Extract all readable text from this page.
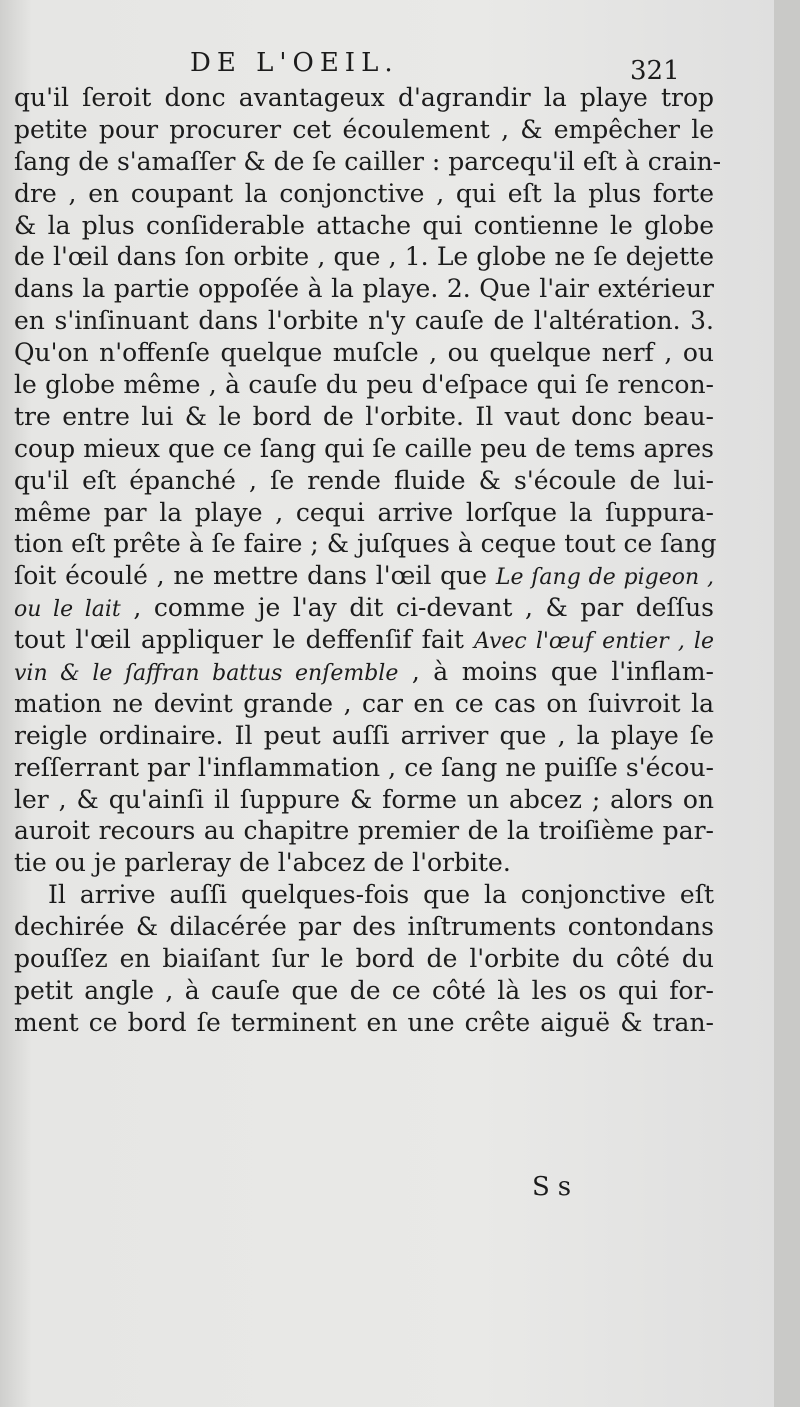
DE L'OEIL.	321
qu'il ſeroit donc avantageux d'agrandir la playe trop
petite pour procurer cet écoulement , & empêcher le
ſang de s'amaſſer & de ſe cailler : parcequ'il eſt à crain-
dre , en coupant la conjonctive , qui eſt la plus forte
& la plus conſiderable attache qui contienne le globe
de l'œil dans ſon orbite , que , 1. Le globe ne ſe dejette
dans la partie oppoſée à la playe. 2. Que l'air extérieur
en s'inſinuant dans l'orbite n'y cauſe de l'altération. 3.
Qu'on n'offenſe quelque muſcle , ou quelque nerf , ou
le globe même , à cauſe du peu d'eſpace qui ſe rencon-
tre entre lui & le bord de l'orbite. Il vaut donc beau-
coup mieux que ce ſang qui ſe caille peu de tems apres
qu'il eſt épanché , ſe rende fluide & s'écoule de lui-
même par la playe , cequi arrive lorſque la ſuppura-
tion eſt prête à ſe faire ; & juſques à ceque tout ce ſang
ſoit écoulé , ne mettre dans l'œil que Le ſang de pigeon ,
ou le lait , comme je l'ay dit ci-devant , & par deſſus
tout l'œil appliquer le deffenſif fait Avec l'œuf entier , le
vin & le ſaffran battus enſemble , à moins que l'inflam-
mation ne devint grande , car en ce cas on ſuivroit la
reigle ordinaire. Il peut auſſi arriver que , la playe ſe
reſſerrant par l'inflammation , ce ſang ne puiſſe s'écou-
ler , & qu'ainſi il ſuppure & forme un abcez ; alors on
auroit recours au chapitre premier de la troiſième par-
tie ou je parleray de l'abcez de l'orbite.
Il arrive auſſi quelques-fois que la conjonctive eſt
dechirée & dilacérée par des inſtruments contondans
pouſſez en biaiſant ſur le bord de l'orbite du côté du
petit angle , à cauſe que de ce côté là les os qui for-
ment ce bord ſe terminent en une crête aiguë & tran-
Ss
